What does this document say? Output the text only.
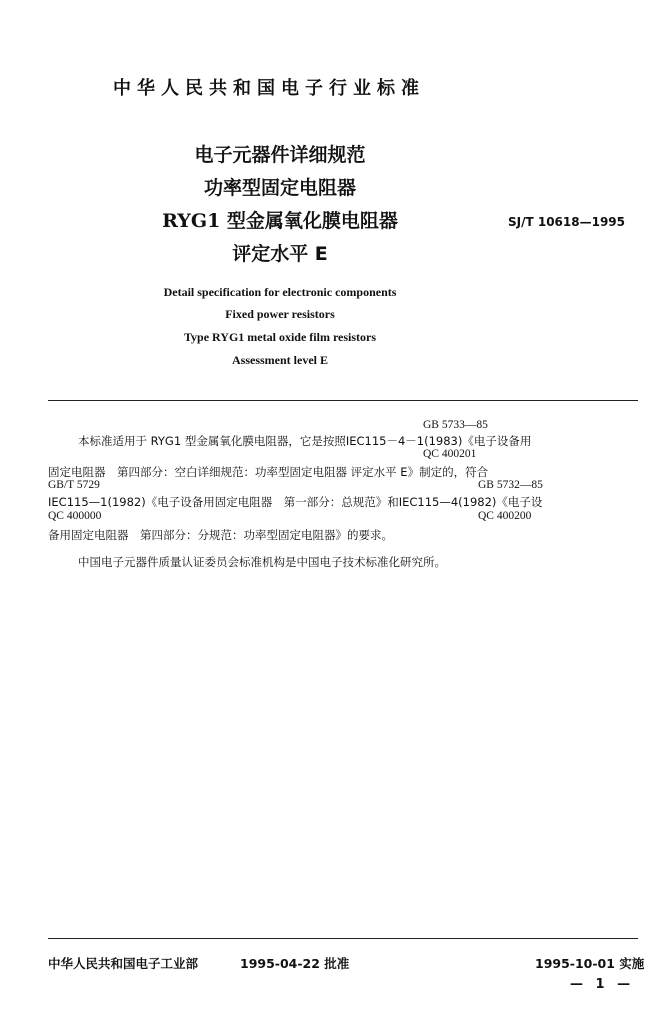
中华人民共和国电子行业标准
电子元器件详细规范
功率型固定电阻器
RYG1 型金属氧化膜电阻器
评定水平 E
SJ/T 10618—1995
Detail specification for electronic components
Fixed power resistors
Type RYG1 metal oxide film resistors
Assessment level E
GB 5733—85
本标准适用于 RYG1 型金属氧化膜电阻器，它是按照IEC115－4－1(1983)《电子设备用
QC 400201
固定电阻器　第四部分：空白详细规范：功率型固定电阻器 评定水平 E》制定的，符合
GB/T 5729	GB 5732—85
IEC115—1(1982)《电子设备用固定电阻器　第一部分：总规范》和IEC115—4(1982)《电子设
QC 400000	QC 400200
备用固定电阻器　第四部分：分规范：功率型固定电阻器》的要求。
中国电子元器件质量认证委员会标准机构是中国电子技术标准化研究所。
中华人民共和国电子工业部	1995-04-22 批准	1995-10-01 实施
— 1 —
